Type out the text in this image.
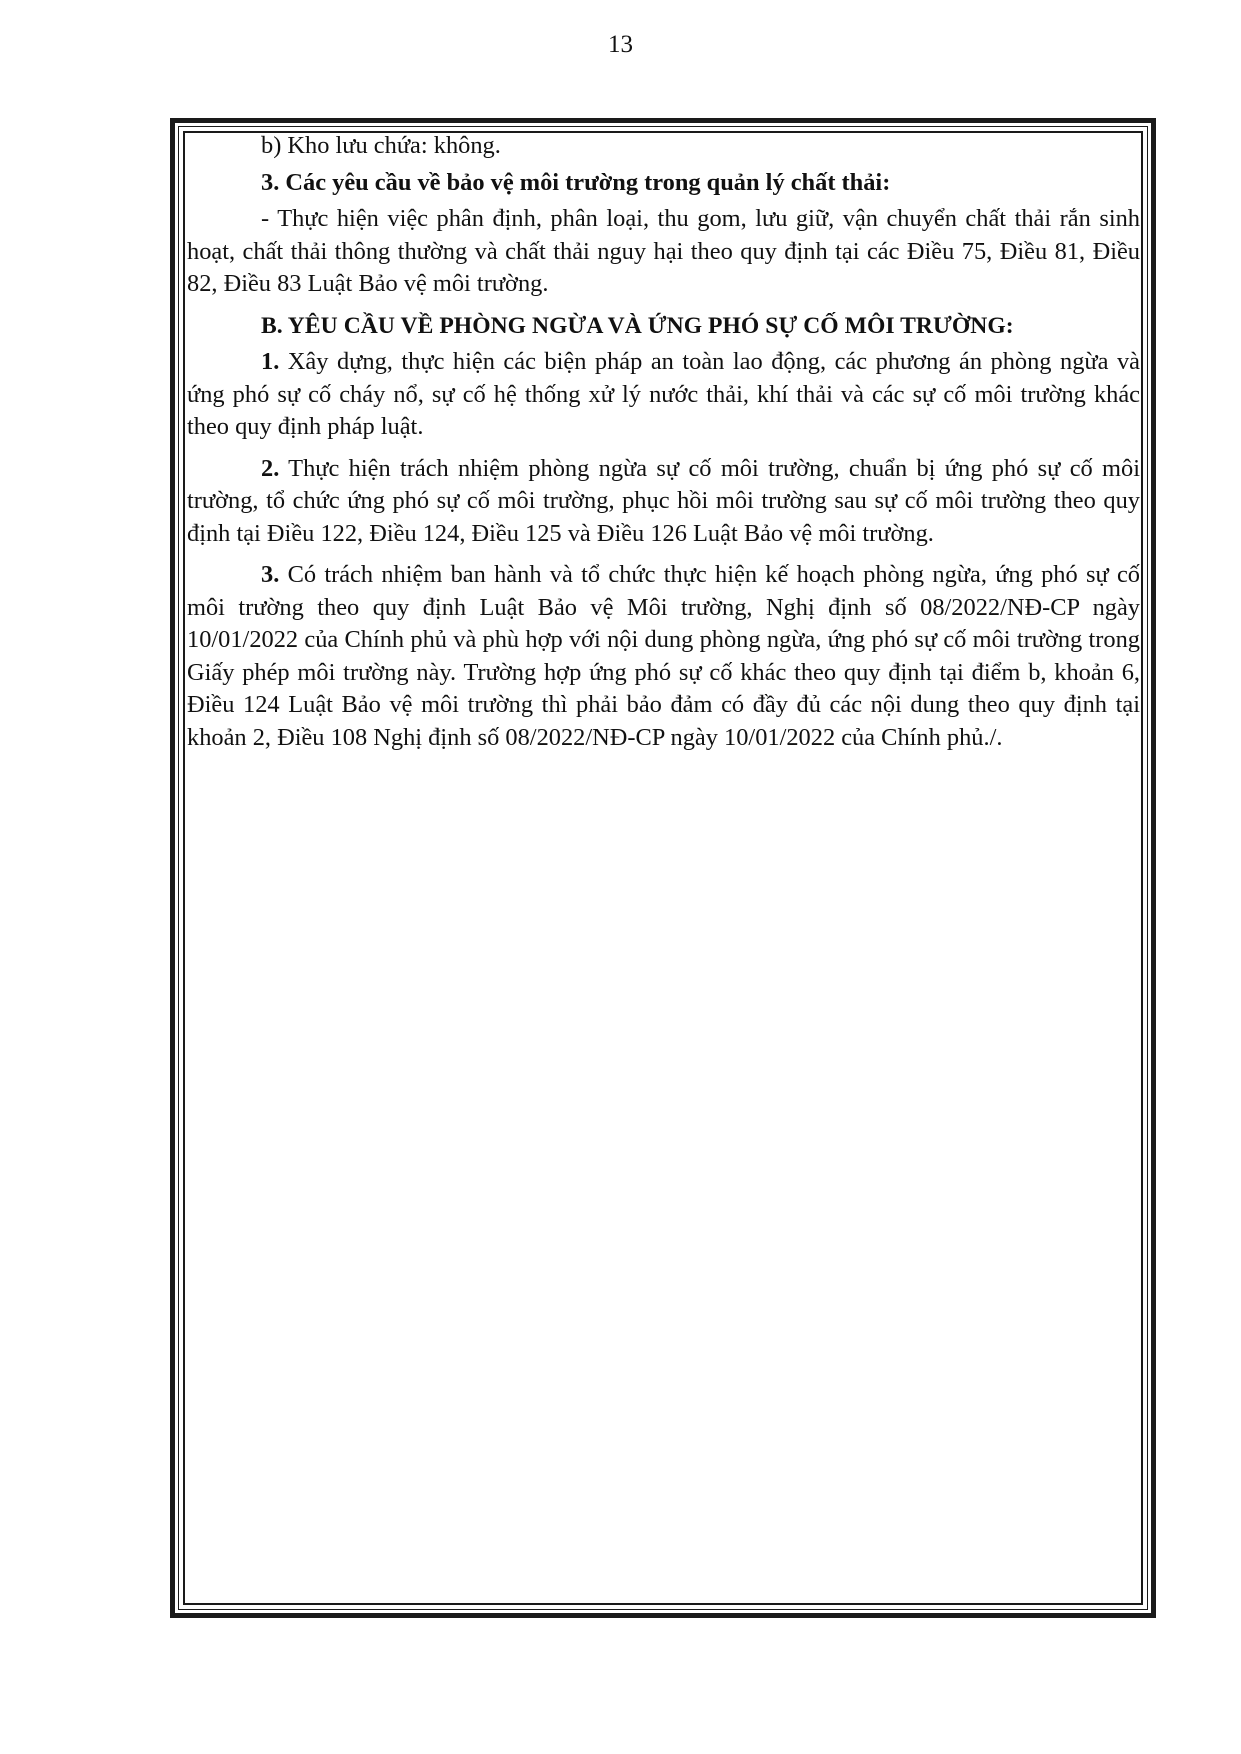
13

b) Kho lưu chứa: không.

3. Các yêu cầu về bảo vệ môi trường trong quản lý chất thải:

- Thực hiện việc phân định, phân loại, thu gom, lưu giữ, vận chuyển chất thải rắn sinh hoạt, chất thải thông thường và chất thải nguy hại theo quy định tại các Điều 75, Điều 81, Điều 82, Điều 83 Luật Bảo vệ môi trường.

B. YÊU CẦU VỀ PHÒNG NGỪA VÀ ỨNG PHÓ SỰ CỐ MÔI TRƯỜNG:

1. Xây dựng, thực hiện các biện pháp an toàn lao động, các phương án phòng ngừa và ứng phó sự cố cháy nổ, sự cố hệ thống xử lý nước thải, khí thải và các sự cố môi trường khác theo quy định pháp luật.

2. Thực hiện trách nhiệm phòng ngừa sự cố môi trường, chuẩn bị ứng phó sự cố môi trường, tổ chức ứng phó sự cố môi trường, phục hồi môi trường sau sự cố môi trường theo quy định tại Điều 122, Điều 124, Điều 125 và Điều 126 Luật Bảo vệ môi trường.

3. Có trách nhiệm ban hành và tổ chức thực hiện kế hoạch phòng ngừa, ứng phó sự cố môi trường theo quy định Luật Bảo vệ Môi trường, Nghị định số 08/2022/NĐ-CP ngày 10/01/2022 của Chính phủ và phù hợp với nội dung phòng ngừa, ứng phó sự cố môi trường trong Giấy phép môi trường này. Trường hợp ứng phó sự cố khác theo quy định tại điểm b, khoản 6, Điều 124 Luật Bảo vệ môi trường thì phải bảo đảm có đầy đủ các nội dung theo quy định tại khoản 2, Điều 108 Nghị định số 08/2022/NĐ-CP ngày 10/01/2022 của Chính phủ./.
